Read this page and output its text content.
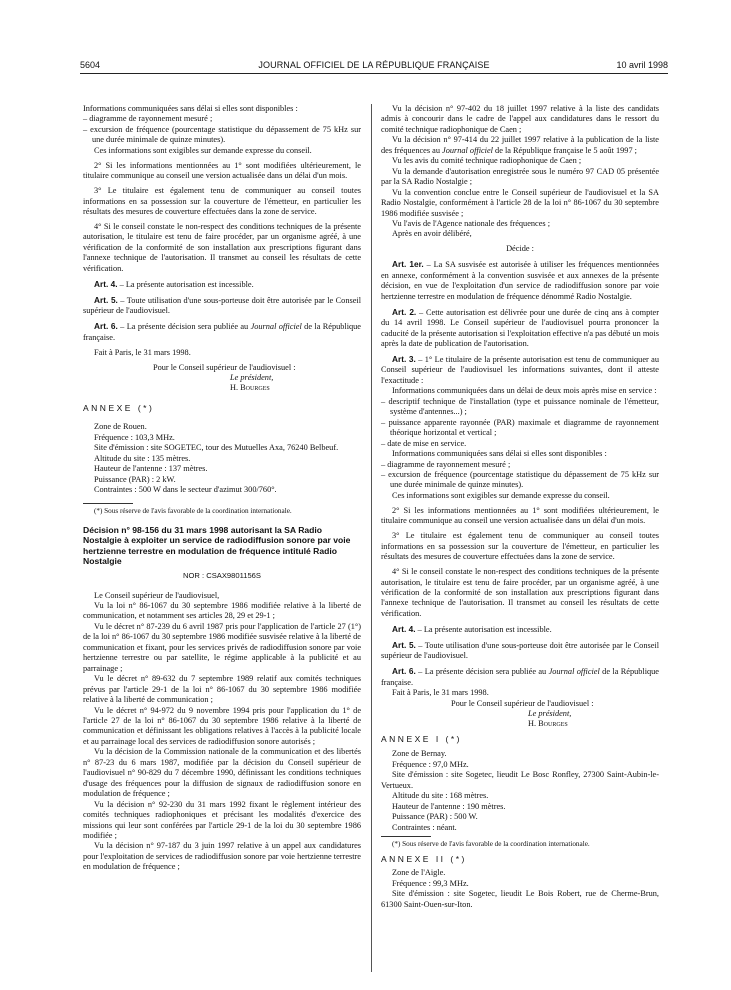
5604	JOURNAL OFFICIEL DE LA RÉPUBLIQUE FRANÇAISE	10 avril 1998

Informations communiquées sans délai si elles sont disponibles :

– diagramme de rayonnement mesuré ;

– excursion de fréquence (pourcentage statistique du dépassement de 75 kHz sur une durée minimale de quinze minutes).

Ces informations sont exigibles sur demande expresse du conseil.

2° Si les informations mentionnées au 1° sont modifiées ultérieurement, le titulaire communique au conseil une version actualisée dans un délai d'un mois.

3° Le titulaire est également tenu de communiquer au conseil toutes informations en sa possession sur la couverture de l'émetteur, en particulier les résultats des mesures de couverture effectuées dans la zone de service.

4° Si le conseil constate le non-respect des conditions techniques de la présente autorisation, le titulaire est tenu de faire procéder, par un organisme agréé, à une vérification de la conformité de son installation aux prescriptions figurant dans l'annexe technique de l'autorisation. Il transmet au conseil les résultats de cette vérification.

Art. 4. – La présente autorisation est incessible.

Art. 5. – Toute utilisation d'une sous-porteuse doit être autorisée par le Conseil supérieur de l'audiovisuel.

Art. 6. – La présente décision sera publiée au Journal officiel de la République française.

Fait à Paris, le 31 mars 1998.

Pour le Conseil supérieur de l'audiovisuel :

Le président,

H. Bourges

ANNEXE (*)

Zone de Rouen.

Fréquence : 103,3 MHz.

Site d'émission : site SOGETEC, tour des Mutuelles Axa, 76240 Belbeuf.

Altitude du site : 135 mètres.

Hauteur de l'antenne : 137 mètres.

Puissance (PAR) : 2 kW.

Contraintes : 500 W dans le secteur d'azimut 300/760°.

(*) Sous réserve de l'avis favorable de la coordination internationale.

Décision n° 98-156 du 31 mars 1998 autorisant la SA Radio Nostalgie à exploiter un service de radiodiffusion sonore par voie hertzienne terrestre en modulation de fréquence intitulé Radio Nostalgie

NOR : CSAX9801156S

Le Conseil supérieur de l'audiovisuel,

Vu la loi n° 86-1067 du 30 septembre 1986 modifiée relative à la liberté de communication, et notamment ses articles 28, 29 et 29-1 ;

Vu le décret n° 87-239 du 6 avril 1987 pris pour l'application de l'article 27 (1°) de la loi n° 86-1067 du 30 septembre 1986 modifiée susvisée relative à la liberté de communication et fixant, pour les services privés de radiodiffusion sonore par voie hertzienne terrestre ou par satellite, le régime applicable à la publicité et au parrainage ;

Vu le décret n° 89-632 du 7 septembre 1989 relatif aux comités techniques prévus par l'article 29-1 de la loi n° 86-1067 du 30 septembre 1986 modifiée relative à la liberté de communication ;

Vu le décret n° 94-972 du 9 novembre 1994 pris pour l'application du 1° de l'article 27 de la loi n° 86-1067 du 30 septembre 1986 relative à la liberté de communication et définissant les obligations relatives à l'accès à la publicité locale et au parrainage local des services de radiodiffusion sonore autorisés ;

Vu la décision de la Commission nationale de la communication et des libertés n° 87-23 du 6 mars 1987, modifiée par la décision du Conseil supérieur de l'audiovisuel n° 90-829 du 7 décembre 1990, définissant les conditions techniques d'usage des fréquences pour la diffusion de signaux de radiodiffusion sonore en modulation de fréquence ;

Vu la décision n° 92-230 du 31 mars 1992 fixant le règlement intérieur des comités techniques radiophoniques et précisant les modalités d'exercice des missions qui leur sont conférées par l'article 29-1 de la loi du 30 septembre 1986 modifiée ;

Vu la décision n° 97-187 du 3 juin 1997 relative à un appel aux candidatures pour l'exploitation de services de radiodiffusion sonore par voie hertzienne terrestre en modulation de fréquence ;

Vu la décision n° 97-402 du 18 juillet 1997 relative à la liste des candidats admis à concourir dans le cadre de l'appel aux candidatures dans le ressort du comité technique radiophonique de Caen ;

Vu la décision n° 97-414 du 22 juillet 1997 relative à la publication de la liste des fréquences au Journal officiel de la République française le 5 août 1997 ;

Vu les avis du comité technique radiophonique de Caen ;

Vu la demande d'autorisation enregistrée sous le numéro 97 CAD 05 présentée par la SA Radio Nostalgie ;

Vu la convention conclue entre le Conseil supérieur de l'audiovisuel et la SA Radio Nostalgie, conformément à l'article 28 de la loi n° 86-1067 du 30 septembre 1986 modifiée susvisée ;

Vu l'avis de l'Agence nationale des fréquences ;

Après en avoir délibéré,

Décide :

Art. 1er. – La SA susvisée est autorisée à utiliser les fréquences mentionnées en annexe, conformément à la convention susvisée et aux annexes de la présente décision, en vue de l'exploitation d'un service de radiodiffusion sonore par voie hertzienne terrestre en modulation de fréquence dénommé Radio Nostalgie.

Art. 2. – Cette autorisation est délivrée pour une durée de cinq ans à compter du 14 avril 1998. Le Conseil supérieur de l'audiovisuel pourra prononcer la caducité de la présente autorisation si l'exploitation effective n'a pas débuté un mois après la date de publication de l'autorisation.

Art. 3. – 1° Le titulaire de la présente autorisation est tenu de communiquer au Conseil supérieur de l'audiovisuel les informations suivantes, dont il atteste l'exactitude :

Informations communiquées dans un délai de deux mois après mise en service :

– descriptif technique de l'installation (type et puissance nominale de l'émetteur, système d'antennes...) ;

– puissance apparente rayonnée (PAR) maximale et diagramme de rayonnement théorique horizontal et vertical ;

– date de mise en service.

Informations communiquées sans délai si elles sont disponibles :

– diagramme de rayonnement mesuré ;

– excursion de fréquence (pourcentage statistique du dépassement de 75 kHz sur une durée minimale de quinze minutes).

Ces informations sont exigibles sur demande expresse du conseil.

2° Si les informations mentionnées au 1° sont modifiées ultérieurement, le titulaire communique au conseil une version actualisée dans un délai d'un mois.

3° Le titulaire est également tenu de communiquer au conseil toutes informations en sa possession sur la couverture de l'émetteur, en particulier les résultats des mesures de couverture effectuées dans la zone de service.

4° Si le conseil constate le non-respect des conditions techniques de la présente autorisation, le titulaire est tenu de faire procéder, par un organisme agréé, à une vérification de la conformité de son installation aux prescriptions figurant dans l'annexe technique de l'autorisation. Il transmet au conseil les résultats de cette vérification.

Art. 4. – La présente autorisation est incessible.

Art. 5. – Toute utilisation d'une sous-porteuse doit être autorisée par le Conseil supérieur de l'audiovisuel.

Art. 6. – La présente décision sera publiée au Journal officiel de la République française.

Fait à Paris, le 31 mars 1998.

Pour le Conseil supérieur de l'audiovisuel :

Le président,

H. Bourges

ANNEXE I (*)

Zone de Bernay.

Fréquence : 97,0 MHz.

Site d'émission : site Sogetec, lieudit Le Bosc Ronfley, 27300 Saint-Aubin-le-Vertueux.

Altitude du site : 168 mètres.

Hauteur de l'antenne : 190 mètres.

Puissance (PAR) : 500 W.

Contraintes : néant.

(*) Sous réserve de l'avis favorable de la coordination internationale.

ANNEXE II (*)

Zone de l'Aigle.

Fréquence : 99,3 MHz.

Site d'émission : site Sogetec, lieudit Le Bois Robert, rue de Cherme-Brun, 61300 Saint-Ouen-sur-Iton.
